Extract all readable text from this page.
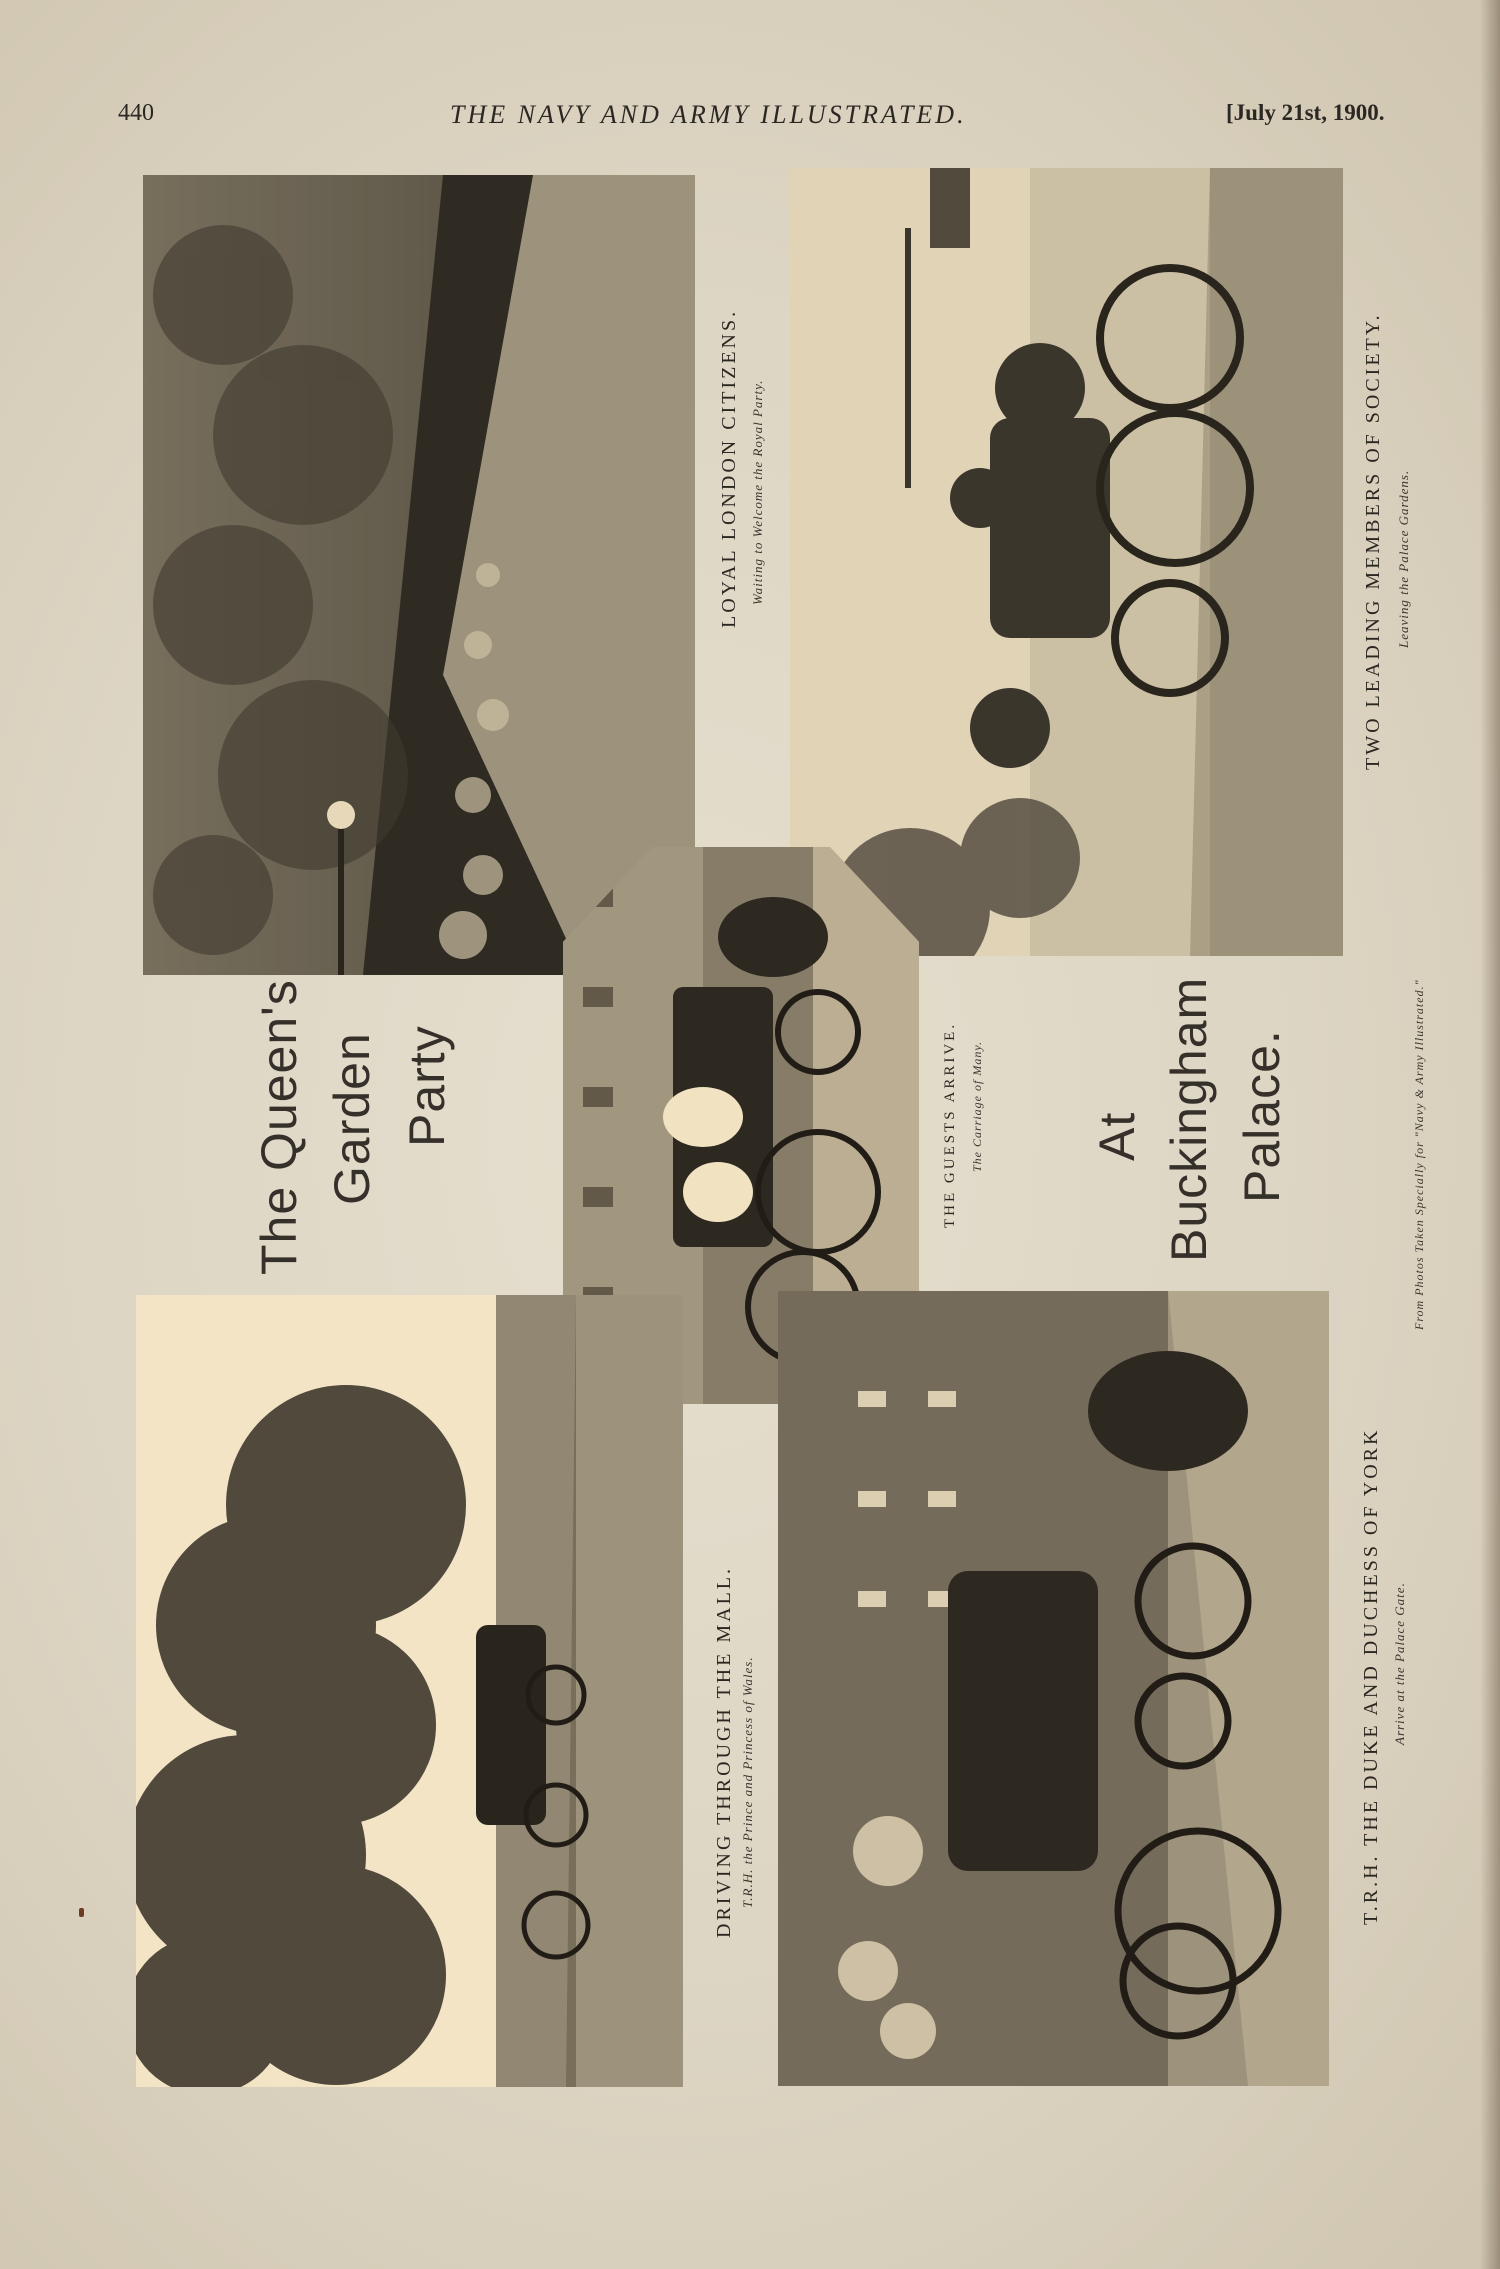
440	THE NAVY AND ARMY ILLUSTRATED.	[July 21st, 1900.
LOYAL LONDON CITIZENS. Waiting to Welcome the Royal Party.	TWO LEADING MEMBERS OF SOCIETY. Leaving the Palace Gardens.
THE GUESTS ARRIVE. The Carriage of Many.
DRIVING THROUGH THE MALL. T.R.H. the Prince and Princess of Wales.	T.R.H. THE DUKE AND DUCHESS OF YORK Arrive at the Palace Gate.
The Queen's Garden Party	At Buckingham Palace.	From Photos Taken Specially for "Navy & Army Illustrated."
